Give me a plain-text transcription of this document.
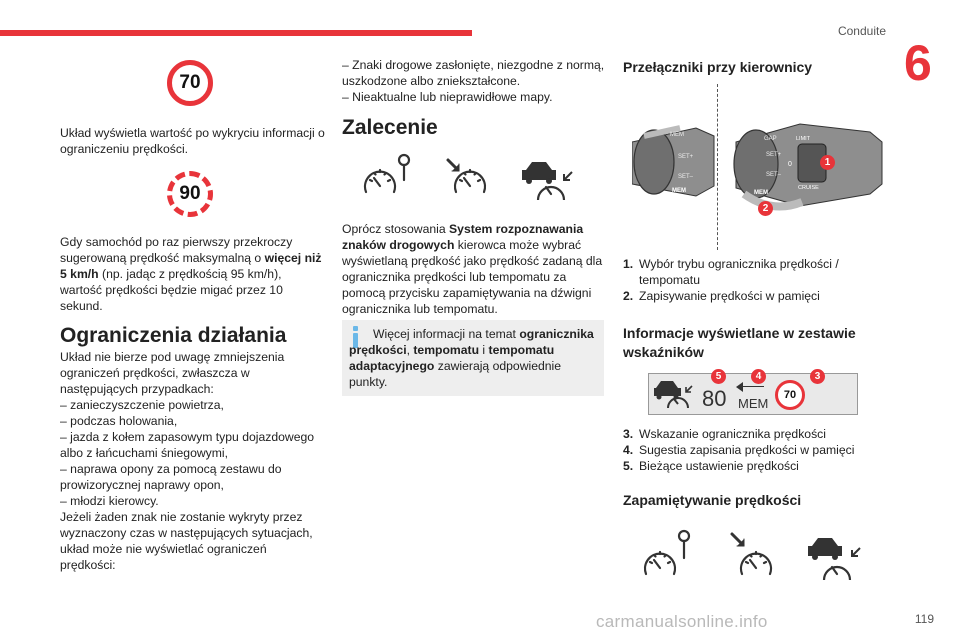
Conduite
6
70

Układ wyświetla wartość po wykryciu informacji o ograniczeniu prędkości.

90

Gdy samochód po raz pierwszy przekroczy sugerowaną prędkość maksymalną o więcej niż 5 km/h (np. jadąc z prędkością 95 km/h), wartość prędkości będzie migać przez 10 sekund.

Ograniczenia działania

Układ nie bierze pod uwagę zmniejszenia

ograniczeń prędkości, zwłaszcza w

następujących przypadkach:

– zanieczyszczenie powietrza,

– podczas holowania,

– jazda z kołem zapasowym typu dojazdowego

albo z łańcuchami śniegowymi,

– naprawa opony za pomocą zestawu do

prowizorycznej naprawy opon,

– młodzi kierowcy.

Jeżeli żaden znak nie zostanie wykryty przez

wyznaczony czas w następujących sytuacjach,

układ może nie wyświetlać ograniczeń

prędkości:

– Znaki drogowe zasłonięte, niezgodne z normą,

uszkodzone albo zniekształcone.

– Nieaktualne lub nieprawidłowe mapy.

Zalecenie

Oprócz stosowania System rozpoznawania znaków drogowych kierowca może wybrać wyświetlaną prędkość jako prędkość zadaną dla ogranicznika prędkości lub tempomatu za pomocą przycisku zapamiętywania na dźwigni ogranicznika lub tempomatu.

Więcej informacji na temat ogranicznika prędkości, tempomatu i tempomatu adaptacyjnego zawierają odpowiednie punkty.

Przełączniki przy kierownicy
MEM
SET+
SET–
MEM
GAP
SET+
SET–
MEM
LIMIT
0
CRUISE
1
2
1. Wybór trybu ogranicznika prędkości / tempomatu
2. Zapisywanie prędkości w pamięci
Informacje wyświetlane w zestawie wskaźników
80 MEM
70
5	4	3
3. Wskazanie ogranicznika prędkości
4. Sugestia zapisania prędkości w pamięci
5. Bieżące ustawienie prędkości
Zapamiętywanie prędkości
carmanualsonline.info	119
